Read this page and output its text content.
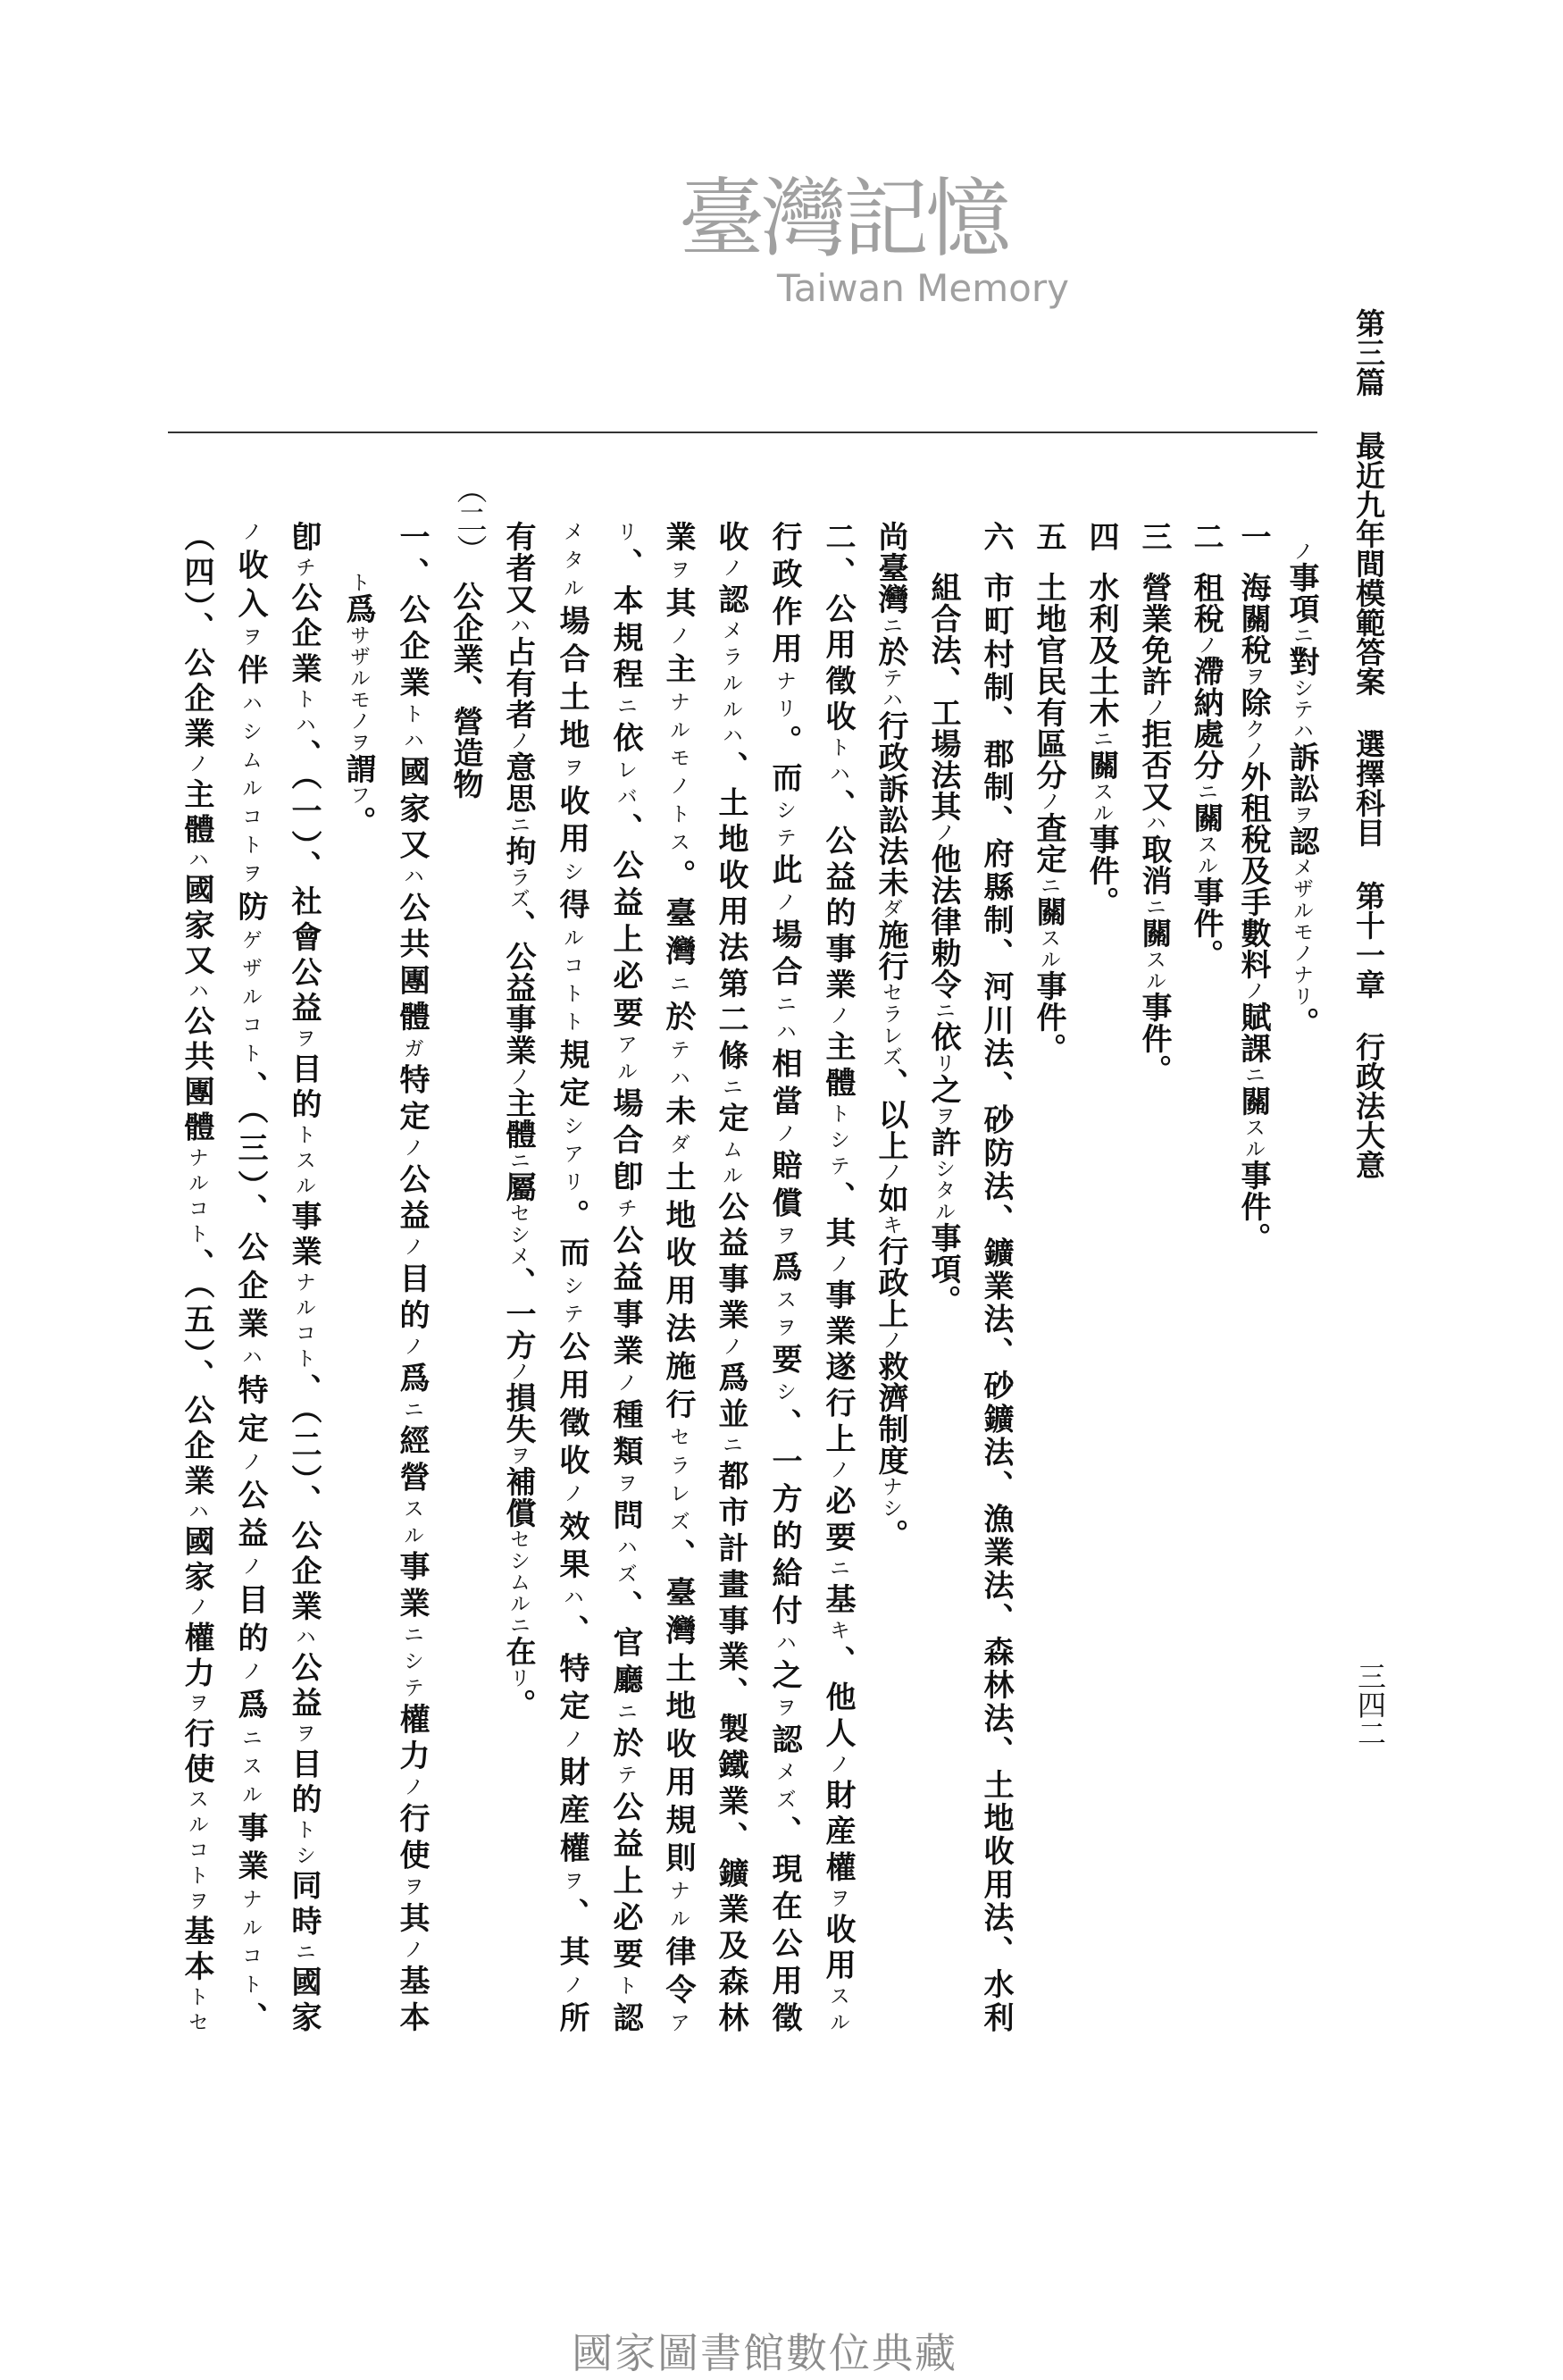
第三篇 最近九年間模範答案 選擇科目 第十一章 行政法大意
三四二
ノ事項ニ對シテハ訴訟ヲ認メザルモノナリ。
一
海關稅ヲ除クノ外租稅及手數料ノ賦課ニ關スル事件。
二
租稅ノ滯納處分ニ關スル事件。
三
營業免許ノ拒否又ハ取消ニ關スル事件。
四
水利及土木ニ關スル事件。
五
土地官民有區分ノ査定ニ關スル事件。
六
市町村制、郡制、府縣制、河川法、砂防法、鑛業法、砂鑛法、漁業法、森林法、土地收用法、水利
組合法、工場法其ノ他法律勅令ニ依リ之ヲ許シタル事項。
尚臺灣ニ於テハ行政訴訟法未ダ施行セラレズ、以上ノ如キ行政上ノ救濟制度ナシ。
二、公用徵收トハ、公益的事業ノ主體トシテ、其ノ事業遂行上ノ必要ニ基キ、他人ノ財産權ヲ收用スル
行政作用ナリ。而シテ此ノ場合ニハ相當ノ賠償ヲ爲スヲ要シ、一方的給付ハ之ヲ認メズ、現在公用徵
收ノ認メラルルハ、土地收用法第二條ニ定ムル公益事業ノ爲並ニ都市計畫事業、製鐵業、鑛業及森林
業ヲ其ノ主ナルモノトス。臺灣ニ於テハ未ダ土地收用法施行セラレズ、臺灣土地收用規則ナル律令ア
リ、本規程ニ依レバ、公益上必要アル場合卽チ公益事業ノ種類ヲ問ハズ、官廳ニ於テ公益上必要ト認
メタル場合土地ヲ收用シ得ルコトト規定シアリ。而シテ公用徵收ノ效果ハ、特定ノ財産權ヲ、其ノ所
有者又ハ占有者ノ意思ニ拘ラズ、公益事業ノ主體ニ屬セシメ、一方ノ損失ヲ補償セシムルニ在リ。
（二）
公企業、營造物
一、公企業トハ國家又ハ公共團體ガ特定ノ公益ノ目的ノ爲ニ經營スル事業ニシテ權力ノ行使ヲ其ノ基本
ト爲サザルモノヲ謂フ。
卽チ公企業トハ、（一）、社會公益ヲ目的トスル事業ナルコト、（二）、公企業ハ公益ヲ目的トシ同時ニ國家
ノ收入ヲ伴ハシムルコトヲ防ゲザルコト、（三）、公企業ハ特定ノ公益ノ目的ノ爲ニスル事業ナルコト、
（四）、公企業ノ主體ハ國家又ハ公共團體ナルコト、（五）、公企業ハ國家ノ權力ヲ行使スルコトヲ基本トセ
臺灣記憶
Taiwan Memory
國家圖書館數位典藏
